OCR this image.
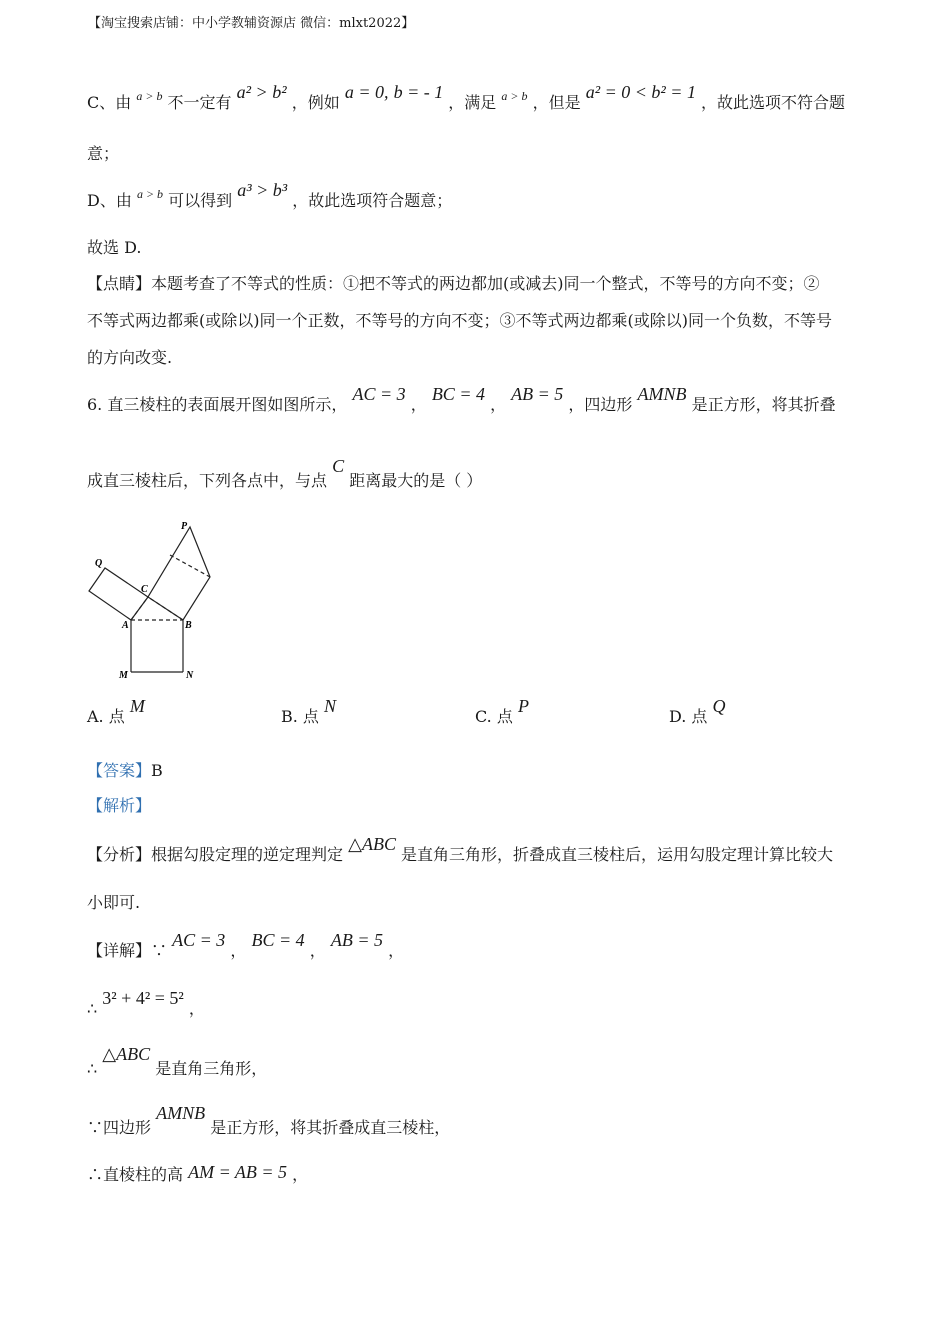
【淘宝搜索店铺：中小学教辅资源店 微信：mlxt2022】
C、由 $^{a > b}$ 不一定有 a² > b² ，例如 a = 0, b = - 1 ，满足 $^{a > b}$ ，但是 a² = 0 < b² = 1 ，故此选项不符合题
意；
D、由 $^{a > b}$ 可以得到 a³ > b³ ，故此选项符合题意；
故选 D.
【点睛】本题考查了不等式的性质：①把不等式的两边都加(或减去)同一个整式，不等号的方向不变；②
不等式两边都乘(或除以)同一个正数，不等号的方向不变；③不等式两边都乘(或除以)同一个负数，不等号
的方向改变.
6. 直三棱柱的表面展开图如图所示， AC = 3 ， BC = 4 ， AB = 5 ，四边形 AMNB 是正方形，将其折叠
成直三棱柱后，下列各点中，与点 C 距离最大的是（ ）
P
Q
C
A	B
M	N
A. 点 M
B. 点 N
C. 点 P
D. 点 Q
【答案】B
【解析】
【分析】根据勾股定理的逆定理判定 △ABC 是直角三角形，折叠成直三棱柱后，运用勾股定理计算比较大
小即可.
【详解】∵ AC = 3 ， BC = 4 ， AB = 5 ，
∴ 3² + 4² = 5² ，
∴ △ABC 是直角三角形，
∵四边形 AMNB 是正方形，将其折叠成直三棱柱，
∴直棱柱的高 AM = AB = 5 ，
